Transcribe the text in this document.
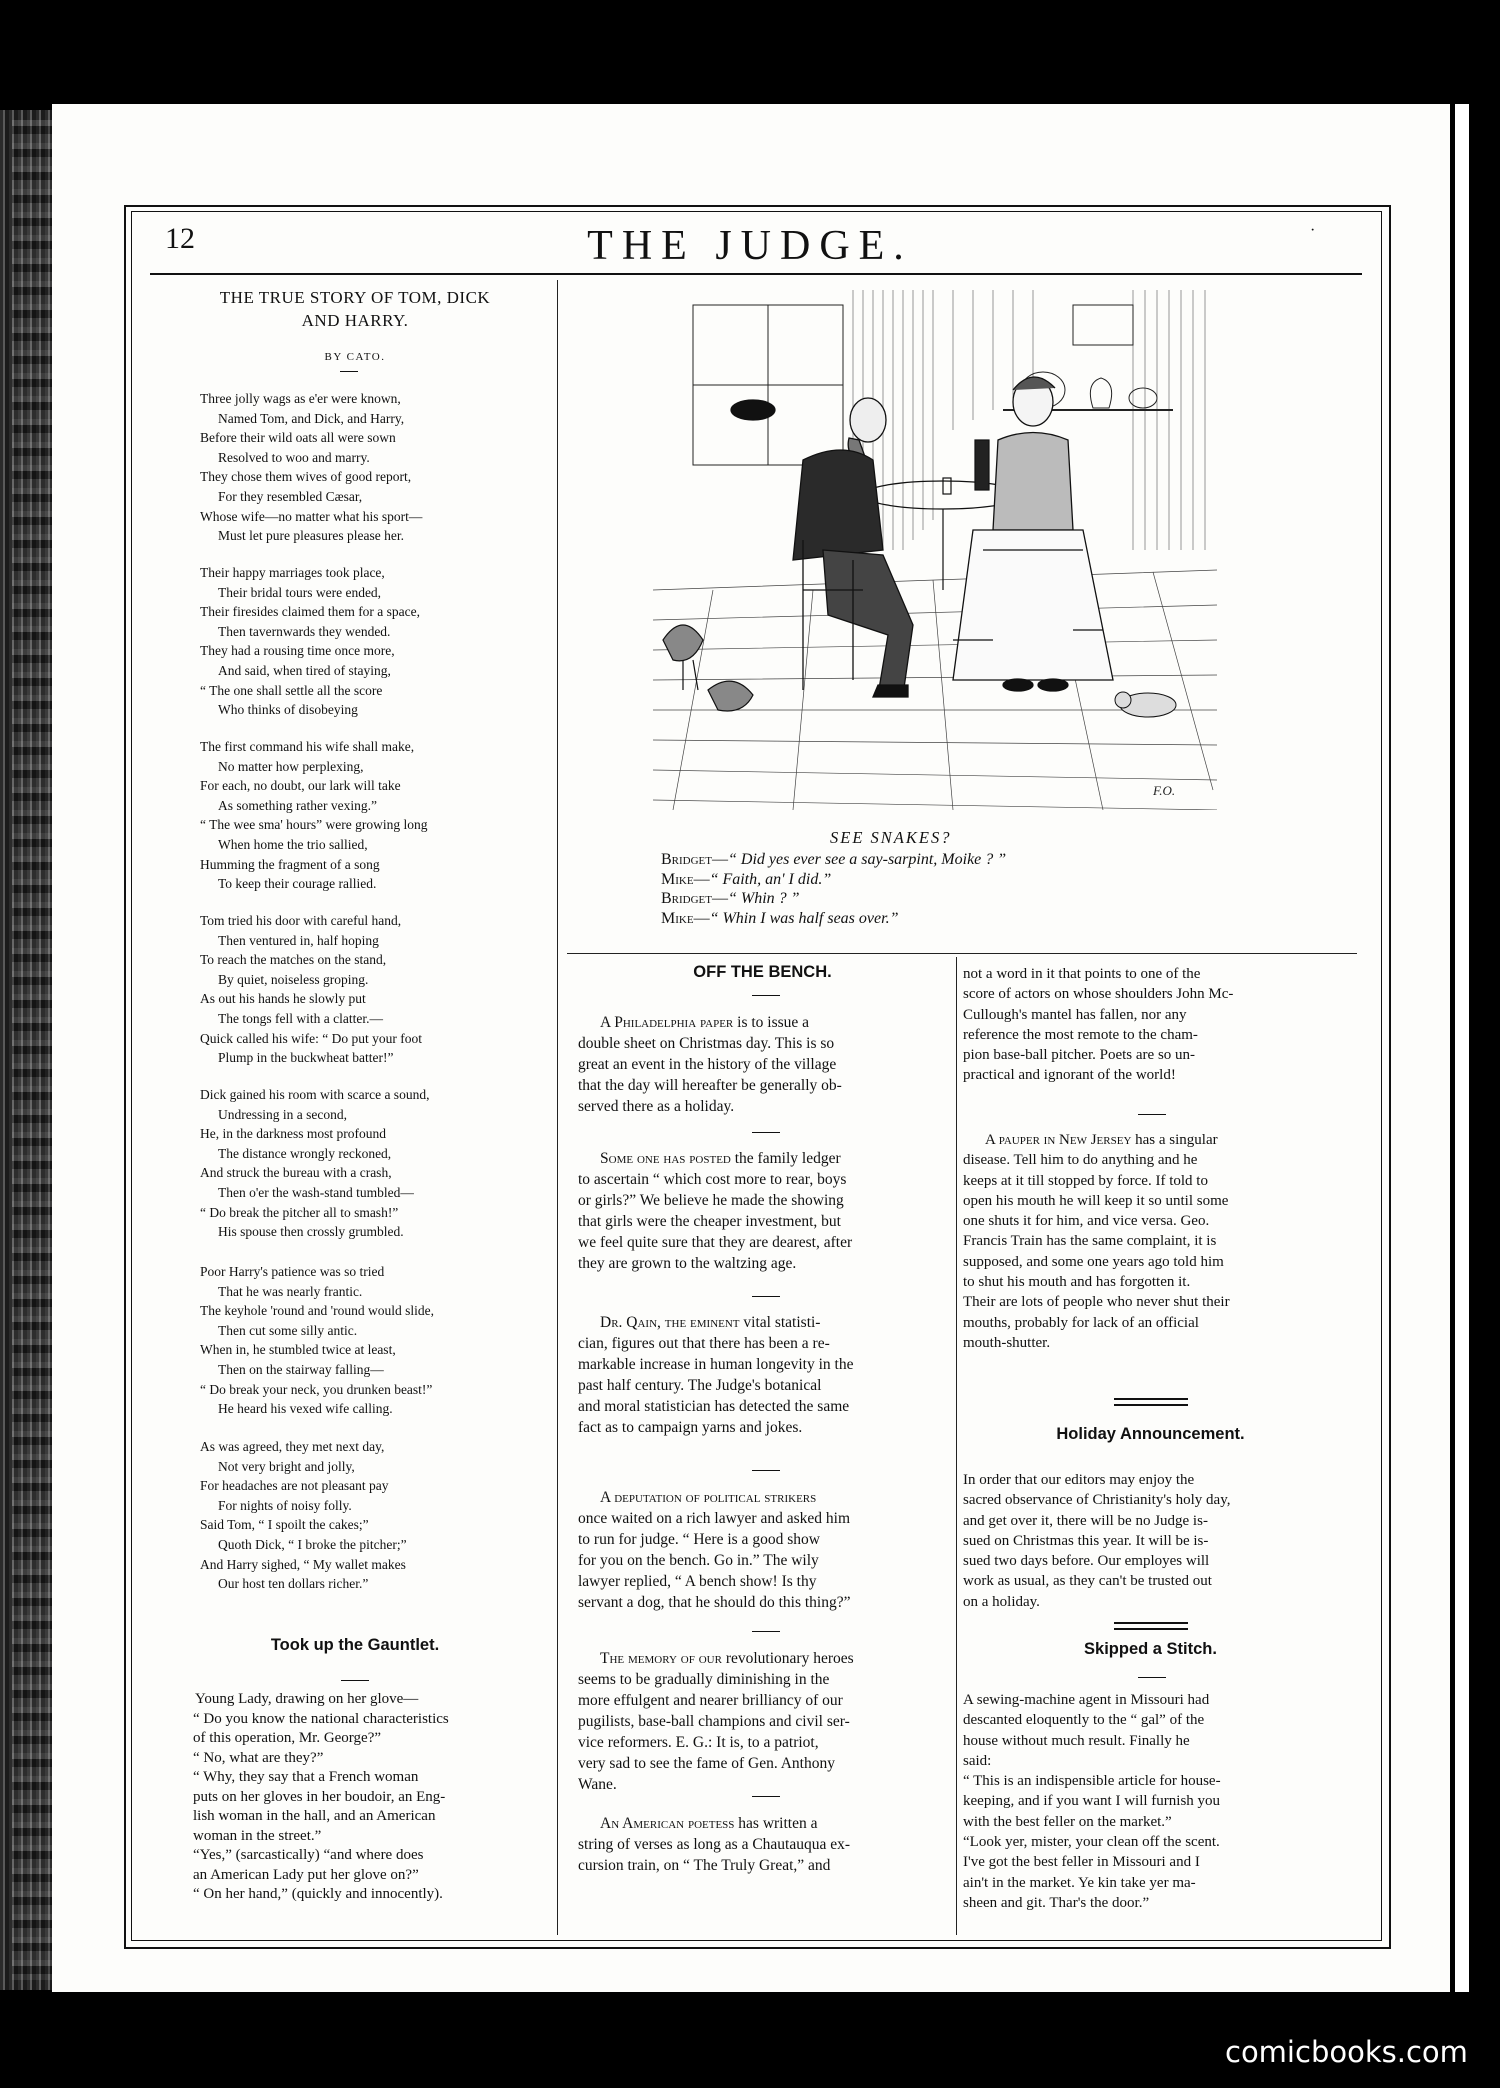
12	THE JUDGE.	·
THE TRUE STORY OF TOM, DICK
AND HARRY.
BY CATO.
Three jolly wags as e'er were known,
Named Tom, and Dick, and Harry,
Before their wild oats all were sown
Resolved to woo and marry.
They chose them wives of good report,
For they resembled Cæsar,
Whose wife—no matter what his sport—
Must let pure pleasures please her.
Their happy marriages took place,
Their bridal tours were ended,
Their firesides claimed them for a space,
Then tavernwards they wended.
They had a rousing time once more,
And said, when tired of staying,
“ The one shall settle all the score
Who thinks of disobeying
The first command his wife shall make,
No matter how perplexing,
For each, no doubt, our lark will take
As something rather vexing.”
“ The wee sma' hours” were growing long
When home the trio sallied,
Humming the fragment of a song
To keep their courage rallied.
Tom tried his door with careful hand,
Then ventured in, half hoping
To reach the matches on the stand,
By quiet, noiseless groping.
As out his hands he slowly put
The tongs fell with a clatter.—
Quick called his wife: “ Do put your foot
Plump in the buckwheat batter!”
Dick gained his room with scarce a sound,
Undressing in a second,
He, in the darkness most profound
The distance wrongly reckoned,
And struck the bureau with a crash,
Then o'er the wash-stand tumbled—
“ Do break the pitcher all to smash!”
His spouse then crossly grumbled.
Poor Harry's patience was so tried
That he was nearly frantic.
The keyhole 'round and 'round would slide,
Then cut some silly antic.
When in, he stumbled twice at least,
Then on the stairway falling—
“ Do break your neck, you drunken beast!”
He heard his vexed wife calling.
As was agreed, they met next day,
Not very bright and jolly,
For headaches are not pleasant pay
For nights of noisy folly.
Said Tom, “ I spoilt the cakes;”
Quoth Dick, “ I broke the pitcher;”
And Harry sighed, “ My wallet makes
Our host ten dollars richer.”
Took up the Gauntlet.
Young Lady, drawing on her glove—
“ Do you know the national characteristics
of this operation, Mr. George?”
“ No, what are they?”
“ Why, they say that a French woman
puts on her gloves in her boudoir, an Eng-
lish woman in the hall, and an American
woman in the street.”
“Yes,” (sarcastically) “and where does
an American Lady put her glove on?”
“ On her hand,” (quickly and innocently).
F.O.
SEE SNAKES?
Bridget—“ Did yes ever see a say-sarpint, Moike ? ”
Mike—“ Faith, an' I did.”
Bridget—“ Whin ? ”
Mike—“ Whin I was half seas over.”
OFF THE BENCH.
A Philadelphia paper is to issue a
double sheet on Christmas day. This is so
great an event in the history of the village
that the day will hereafter be generally ob-
served there as a holiday.
Some one has posted the family ledger
to ascertain “ which cost more to rear, boys
or girls?” We believe he made the showing
that girls were the cheaper investment, but
we feel quite sure that they are dearest, after
they are grown to the waltzing age.
Dr. Qain, the eminent vital statisti-
cian, figures out that there has been a re-
markable increase in human longevity in the
past half century. The Judge's botanical
and moral statistician has detected the same
fact as to campaign yarns and jokes.
A deputation of political strikers
once waited on a rich lawyer and asked him
to run for judge. “ Here is a good show
for you on the bench. Go in.” The wily
lawyer replied, “ A bench show! Is thy
servant a dog, that he should do this thing?”
The memory of our revolutionary heroes
seems to be gradually diminishing in the
more effulgent and nearer brilliancy of our
pugilists, base-ball champions and civil ser-
vice reformers. E. G.: It is, to a patriot,
very sad to see the fame of Gen. Anthony
Wane.
An American poetess has written a
string of verses as long as a Chautauqua ex-
cursion train, on “ The Truly Great,” and
not a word in it that points to one of the
score of actors on whose shoulders John Mc-
Cullough's mantel has fallen, nor any
reference the most remote to the cham-
pion base-ball pitcher. Poets are so un-
practical and ignorant of the world!
A pauper in New Jersey has a singular
disease. Tell him to do anything and he
keeps at it till stopped by force. If told to
open his mouth he will keep it so until some
one shuts it for him, and vice versa. Geo.
Francis Train has the same complaint, it is
supposed, and some one years ago told him
to shut his mouth and has forgotten it.
Their are lots of people who never shut their
mouths, probably for lack of an official
mouth-shutter.
Holiday Announcement.
In order that our editors may enjoy the
sacred observance of Christianity's holy day,
and get over it, there will be no Judge is-
sued on Christmas this year. It will be is-
sued two days before. Our employes will
work as usual, as they can't be trusted out
on a holiday.
Skipped a Stitch.
A sewing-machine agent in Missouri had
descanted eloquently to the “ gal” of the
house without much result. Finally he
said:
“ This is an indispensible article for house-
keeping, and if you want I will furnish you
with the best feller on the market.”
“Look yer, mister, your clean off the scent.
I've got the best feller in Missouri and I
ain't in the market. Ye kin take yer ma-
sheen and git. Thar's the door.”
comicbooks.com
